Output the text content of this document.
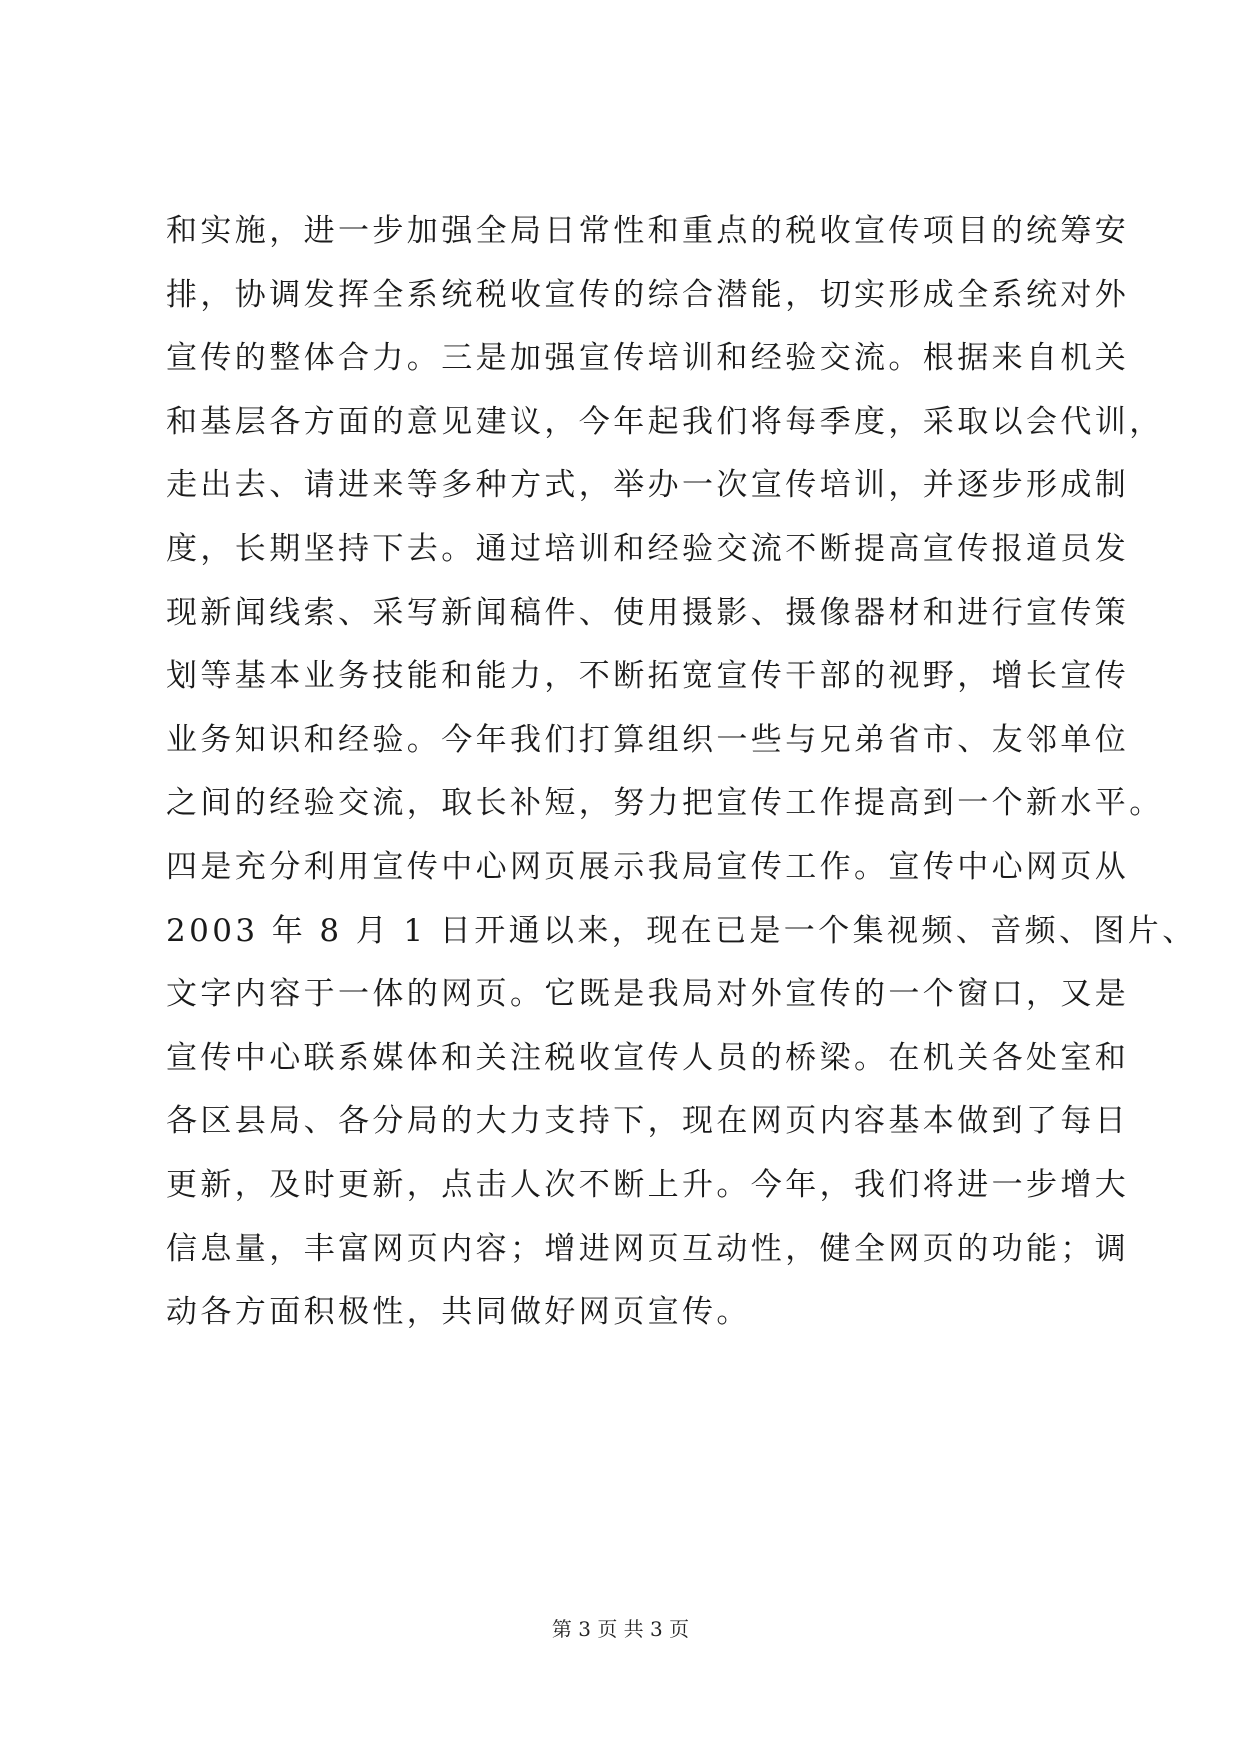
和实施，进一步加强全局日常性和重点的税收宣传项目的统筹安
排，协调发挥全系统税收宣传的综合潜能，切实形成全系统对外
宣传的整体合力。三是加强宣传培训和经验交流。根据来自机关
和基层各方面的意见建议，今年起我们将每季度，采取以会代训，
走出去、请进来等多种方式，举办一次宣传培训，并逐步形成制
度，长期坚持下去。通过培训和经验交流不断提高宣传报道员发
现新闻线索、采写新闻稿件、使用摄影、摄像器材和进行宣传策
划等基本业务技能和能力，不断拓宽宣传干部的视野，增长宣传
业务知识和经验。今年我们打算组织一些与兄弟省市、友邻单位
之间的经验交流，取长补短，努力把宣传工作提高到一个新水平。
四是充分利用宣传中心网页展示我局宣传工作。宣传中心网页从
2003 年 8 月 1 日开通以来，现在已是一个集视频、音频、图片、
文字内容于一体的网页。它既是我局对外宣传的一个窗口，又是
宣传中心联系媒体和关注税收宣传人员的桥梁。在机关各处室和
各区县局、各分局的大力支持下，现在网页内容基本做到了每日
更新，及时更新，点击人次不断上升。今年，我们将进一步增大
信息量，丰富网页内容；增进网页互动性，健全网页的功能；调
动各方面积极性，共同做好网页宣传。
第 3 页 共 3 页
